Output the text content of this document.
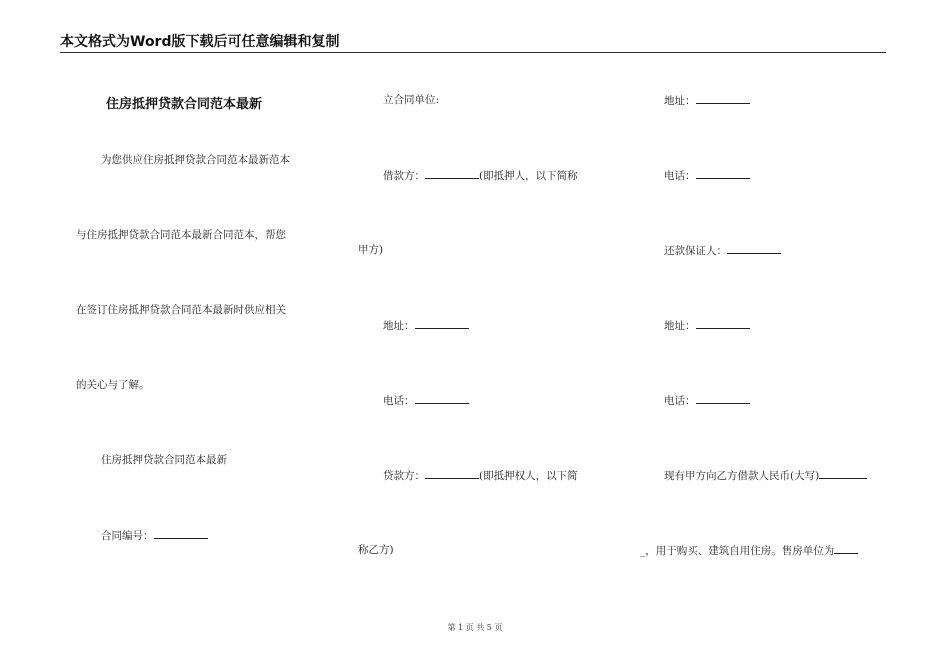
本文格式为Word版下载后可任意编辑和复制
住房抵押贷款合同范本最新
为您供应住房抵押贷款合同范本最新范本
与住房抵押贷款合同范本最新合同范本，帮您
在签订住房抵押贷款合同范本最新时供应相关
的关心与了解。
住房抵押贷款合同范本最新
合同编号：
立合同单位:
借款方：	(即抵押人，以下简称
甲方)
地址：
电话：
贷款方：	(即抵押权人，以下简
称乙方)
地址：
电话：
还款保证人：
地址：
电话：
现有甲方向乙方借款人民币(大写)
_，用于购买、建筑自用住房。售房单位为
第 1 页 共 5 页
